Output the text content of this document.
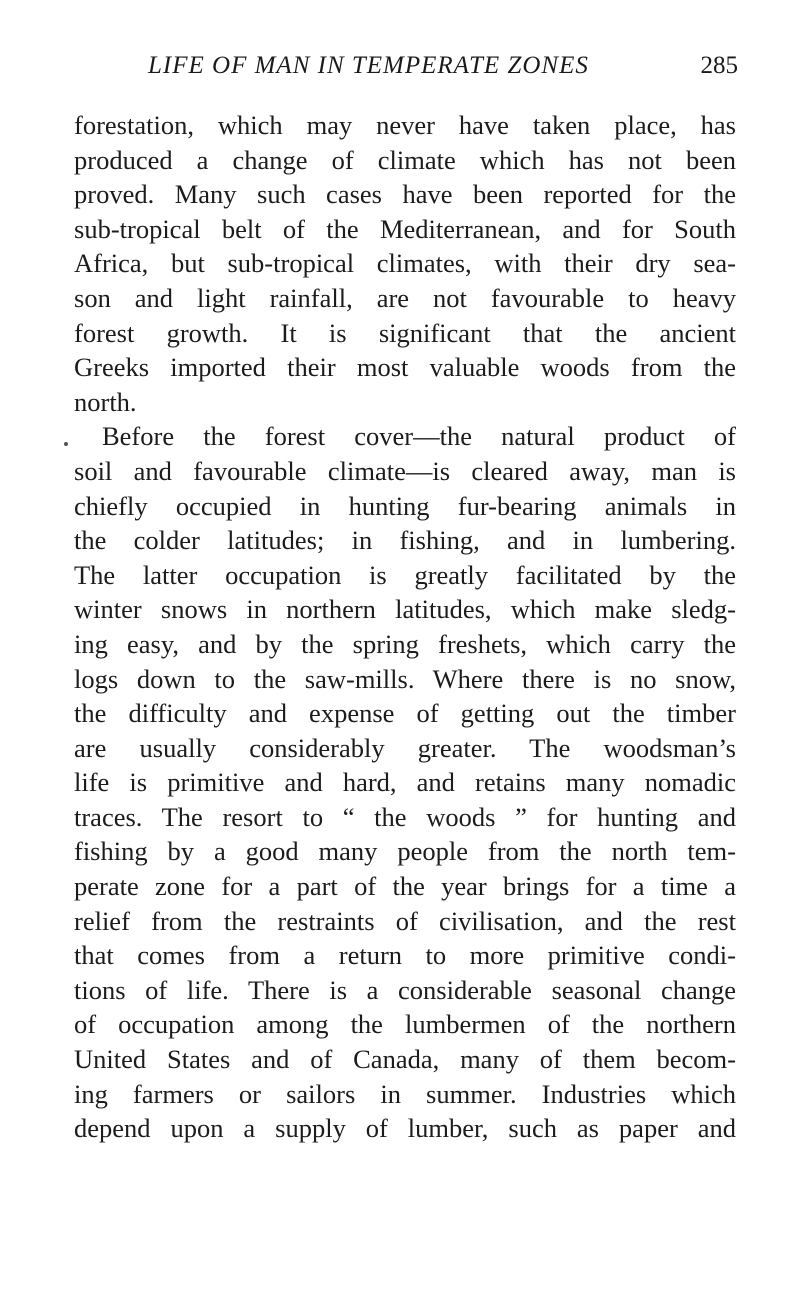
LIFE OF MAN IN TEMPERATE ZONES	285
forestation, which may never have taken place, has
produced a change of climate which has not been
proved. Many such cases have been reported for the
sub-tropical belt of the Mediterranean, and for South
Africa, but sub-tropical climates, with their dry sea-
son and light rainfall, are not favourable to heavy
forest growth. It is significant that the ancient
Greeks imported their most valuable woods from the
north.
Before the forest cover—the natural product of
soil and favourable climate—is cleared away, man is
chiefly occupied in hunting fur-bearing animals in
the colder latitudes; in fishing, and in lumbering.
The latter occupation is greatly facilitated by the
winter snows in northern latitudes, which make sledg-
ing easy, and by the spring freshets, which carry the
logs down to the saw-mills. Where there is no snow,
the difficulty and expense of getting out the timber
are usually considerably greater. The woodsman’s
life is primitive and hard, and retains many nomadic
traces. The resort to “ the woods ” for hunting and
fishing by a good many people from the north tem-
perate zone for a part of the year brings for a time a
relief from the restraints of civilisation, and the rest
that comes from a return to more primitive condi-
tions of life. There is a considerable seasonal change
of occupation among the lumbermen of the northern
United States and of Canada, many of them becom-
ing farmers or sailors in summer. Industries which
depend upon a supply of lumber, such as paper and
